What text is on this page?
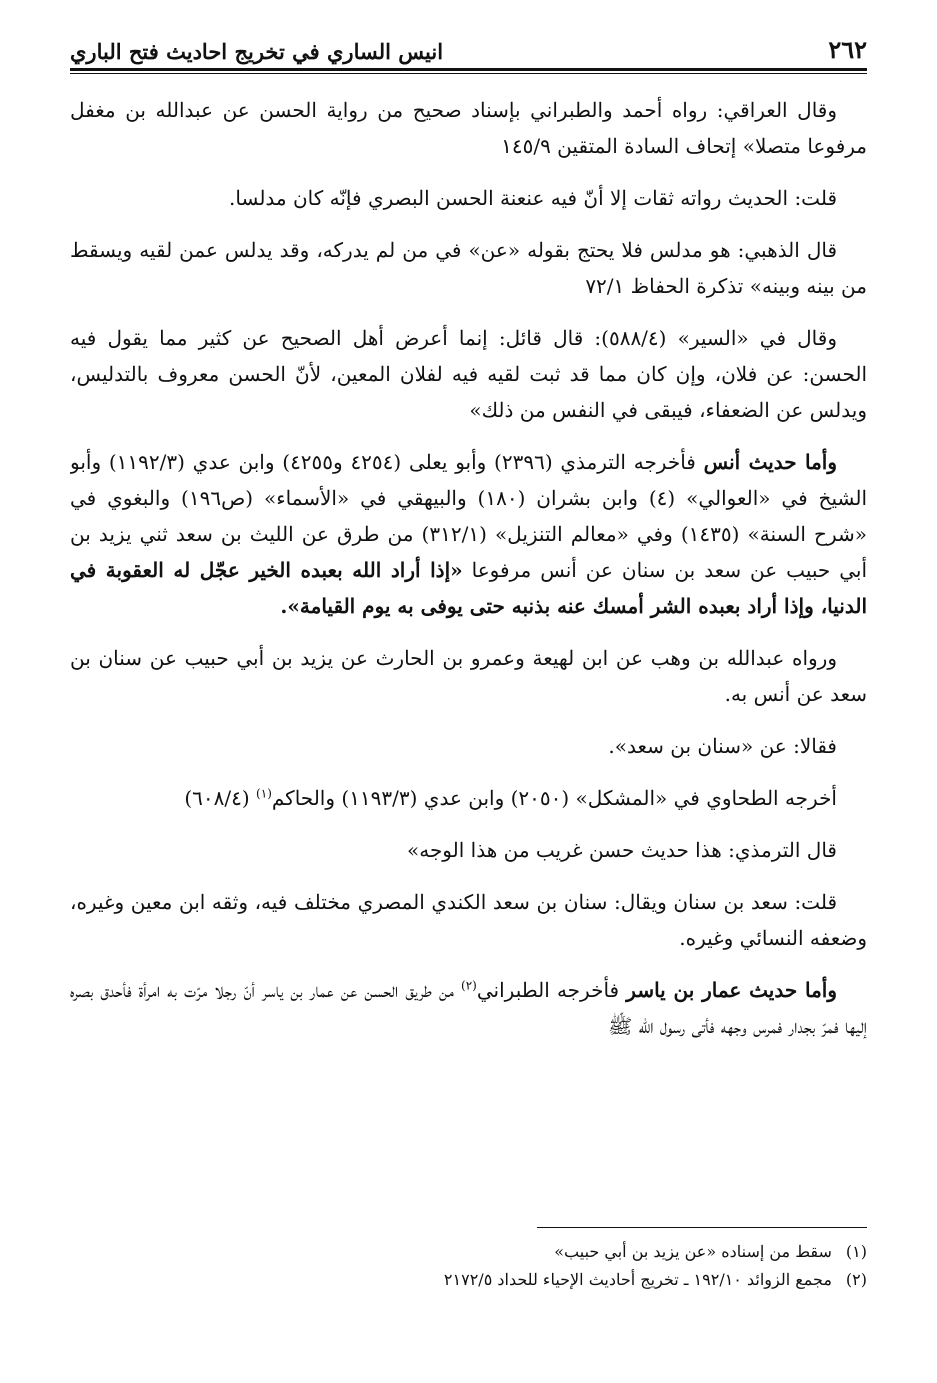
٢٦٢
انيس الساري في تخريج احاديث فتح الباري

وقال العراقي: رواه أحمد والطبراني بإسناد صحيح من رواية الحسن عن عبدالله بن مغفل مرفوعا متصلا» إتحاف السادة المتقين ١٤٥/٩

قلت: الحديث رواته ثقات إلا أنّ فيه عنعنة الحسن البصري فإنّه كان مدلسا.

قال الذهبي: هو مدلس فلا يحتج بقوله «عن» في من لم يدركه، وقد يدلس عمن لقيه ويسقط من بينه وبينه» تذكرة الحفاظ ٧٢/١

وقال في «السير» (٥٨٨/٤): قال قائل: إنما أعرض أهل الصحيح عن كثير مما يقول فيه الحسن: عن فلان، وإن كان مما قد ثبت لقيه فيه لفلان المعين، لأنّ الحسن معروف بالتدليس، ويدلس عن الضعفاء، فيبقى في النفس من ذلك»

وأما حديث أنس فأخرجه الترمذي (٢٣٩٦) وأبو يعلى (٤٢٥٤ و٤٢٥٥) وابن عدي (١١٩٢/٣) وأبو الشيخ في «العوالي» (٤) وابن بشران (١٨٠) والبيهقي في «الأسماء» (ص١٩٦) والبغوي في «شرح السنة» (١٤٣٥) وفي «معالم التنزيل» (٣١٢/١) من طرق عن الليث بن سعد ثني يزيد بن أبي حبيب عن سعد بن سنان عن أنس مرفوعا «إذا أراد الله بعبده الخير عجّل له العقوبة في الدنيا، وإذا أراد بعبده الشر أمسك عنه بذنبه حتى يوفى به يوم القيامة».

ورواه عبدالله بن وهب عن ابن لهيعة وعمرو بن الحارث عن يزيد بن أبي حبيب عن سنان بن سعد عن أنس به.

فقالا: عن «سنان بن سعد».

أخرجه الطحاوي في «المشكل» (٢٠٥٠) وابن عدي (١١٩٣/٣) والحاكم$^{(١)}$ (٦٠٨/٤)

قال الترمذي: هذا حديث حسن غريب من هذا الوجه»

قلت: سعد بن سنان ويقال: سنان بن سعد الكندي المصري مختلف فيه، وثقه ابن معين وغيره، وضعفه النسائي وغيره.

وأما حديث عمار بن ياسر فأخرجه الطبراني$^{(٢)}$ من طريق الحسن عن عمار بن ياسر أنّ رجلا مرّت به امرأة فأحدق بصره إليها فمرّ بجدار فمرس وجهه فأتى رسول الله ﷺ

(١)
سقط من إسناده «عن يزيد بن أبي حبيب»
(٢)
مجمع الزوائد ١٩٢/١٠ ـ تخريج أحاديث الإحياء للحداد ٢١٧٢/٥
